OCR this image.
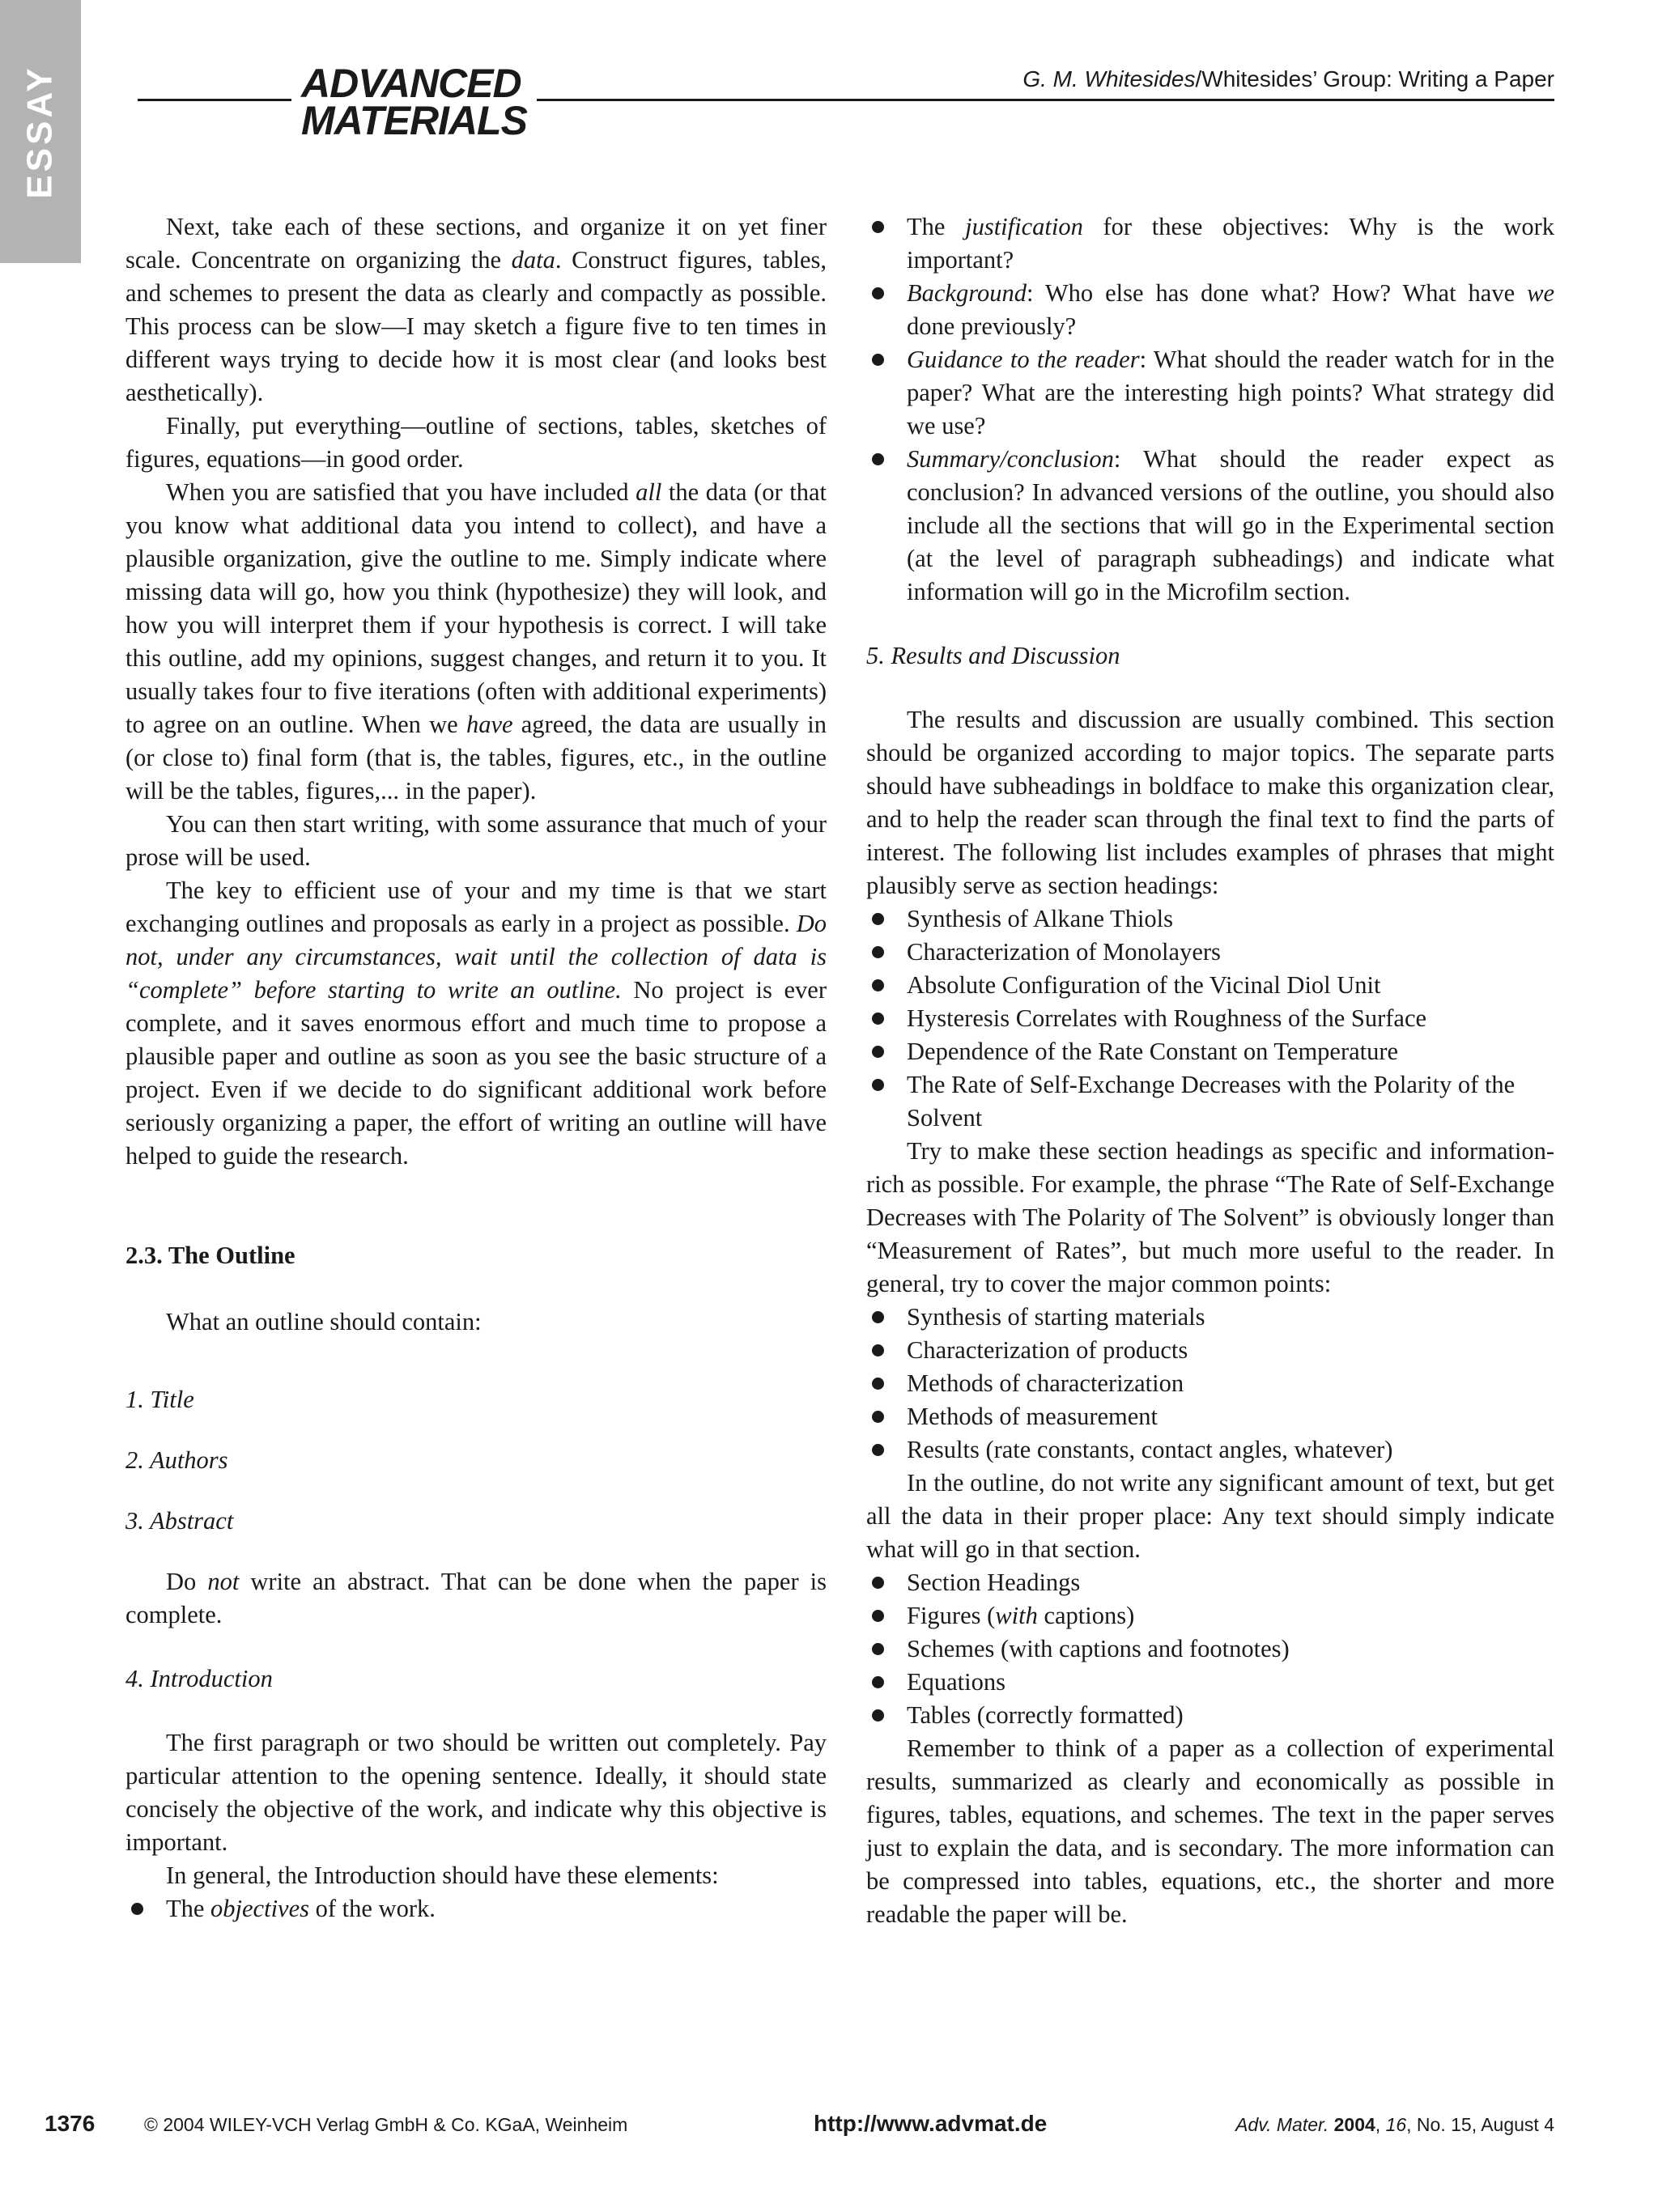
ESSAY	ADVANCED
MATERIALS
G. M. Whitesides/Whitesides’ Group: Writing a Paper

Next, take each of these sections, and organize it on yet finer scale. Concentrate on organizing the data. Construct figures, tables, and schemes to present the data as clearly and compactly as possible. This process can be slow—I may sketch a figure five to ten times in different ways trying to decide how it is most clear (and looks best aesthetically).

Finally, put everything—outline of sections, tables, sketches of figures, equations—in good order.

When you are satisfied that you have included all the data (or that you know what additional data you intend to collect), and have a plausible organization, give the outline to me. Simply indicate where missing data will go, how you think (hypothesize) they will look, and how you will interpret them if your hypothesis is correct. I will take this outline, add my opinions, suggest changes, and return it to you. It usually takes four to five iterations (often with additional experiments) to agree on an outline. When we have agreed, the data are usually in (or close to) final form (that is, the tables, figures, etc., in the outline will be the tables, figures,... in the paper).

You can then start writing, with some assurance that much of your prose will be used.

The key to efficient use of your and my time is that we start exchanging outlines and proposals as early in a project as possible. Do not, under any circumstances, wait until the collection of data is “complete” before starting to write an outline. No project is ever complete, and it saves enormous effort and much time to propose a plausible paper and outline as soon as you see the basic structure of a project. Even if we decide to do significant additional work before seriously organizing a paper, the effort of writing an outline will have helped to guide the research.

2.3. The Outline

What an outline should contain:

1. Title

2. Authors

3. Abstract

Do not write an abstract. That can be done when the paper is complete.

4. Introduction

The first paragraph or two should be written out completely. Pay particular attention to the opening sentence. Ideally, it should state concisely the objective of the work, and indicate why this objective is important.

In general, the Introduction should have these elements:

The objectives of the work.
The justification for these objectives: Why is the work important?
Background: Who else has done what? How? What have we done previously?
Guidance to the reader: What should the reader watch for in the paper? What are the interesting high points? What strategy did we use?
Summary/conclusion: What should the reader expect as conclusion? In advanced versions of the outline, you should also include all the sections that will go in the Experimental section (at the level of paragraph subheadings) and indicate what information will go in the Microfilm section.

5. Results and Discussion

The results and discussion are usually combined. This section should be organized according to major topics. The separate parts should have subheadings in boldface to make this organization clear, and to help the reader scan through the final text to find the parts of interest. The following list includes examples of phrases that might plausibly serve as section headings:

Synthesis of Alkane Thiols
Characterization of Monolayers
Absolute Configuration of the Vicinal Diol Unit
Hysteresis Correlates with Roughness of the Surface
Dependence of the Rate Constant on Temperature
The Rate of Self-Exchange Decreases with the Polarity of the Solvent

Try to make these section headings as specific and information-rich as possible. For example, the phrase “The Rate of Self-Exchange Decreases with The Polarity of The Solvent” is obviously longer than “Measurement of Rates”, but much more useful to the reader. In general, try to cover the major common points:

Synthesis of starting materials
Characterization of products
Methods of characterization
Methods of measurement
Results (rate constants, contact angles, whatever)

In the outline, do not write any significant amount of text, but get all the data in their proper place: Any text should simply indicate what will go in that section.

Section Headings
Figures (with captions)
Schemes (with captions and footnotes)
Equations
Tables (correctly formatted)

Remember to think of a paper as a collection of experimental results, summarized as clearly and economically as possible in figures, tables, equations, and schemes. The text in the paper serves just to explain the data, and is secondary. The more information can be compressed into tables, equations, etc., the shorter and more readable the paper will be.

1376	© 2004 WILEY-VCH Verlag GmbH & Co. KGaA, Weinheim	http://www.advmat.de	Adv. Mater. 2004, 16, No. 15, August 4
